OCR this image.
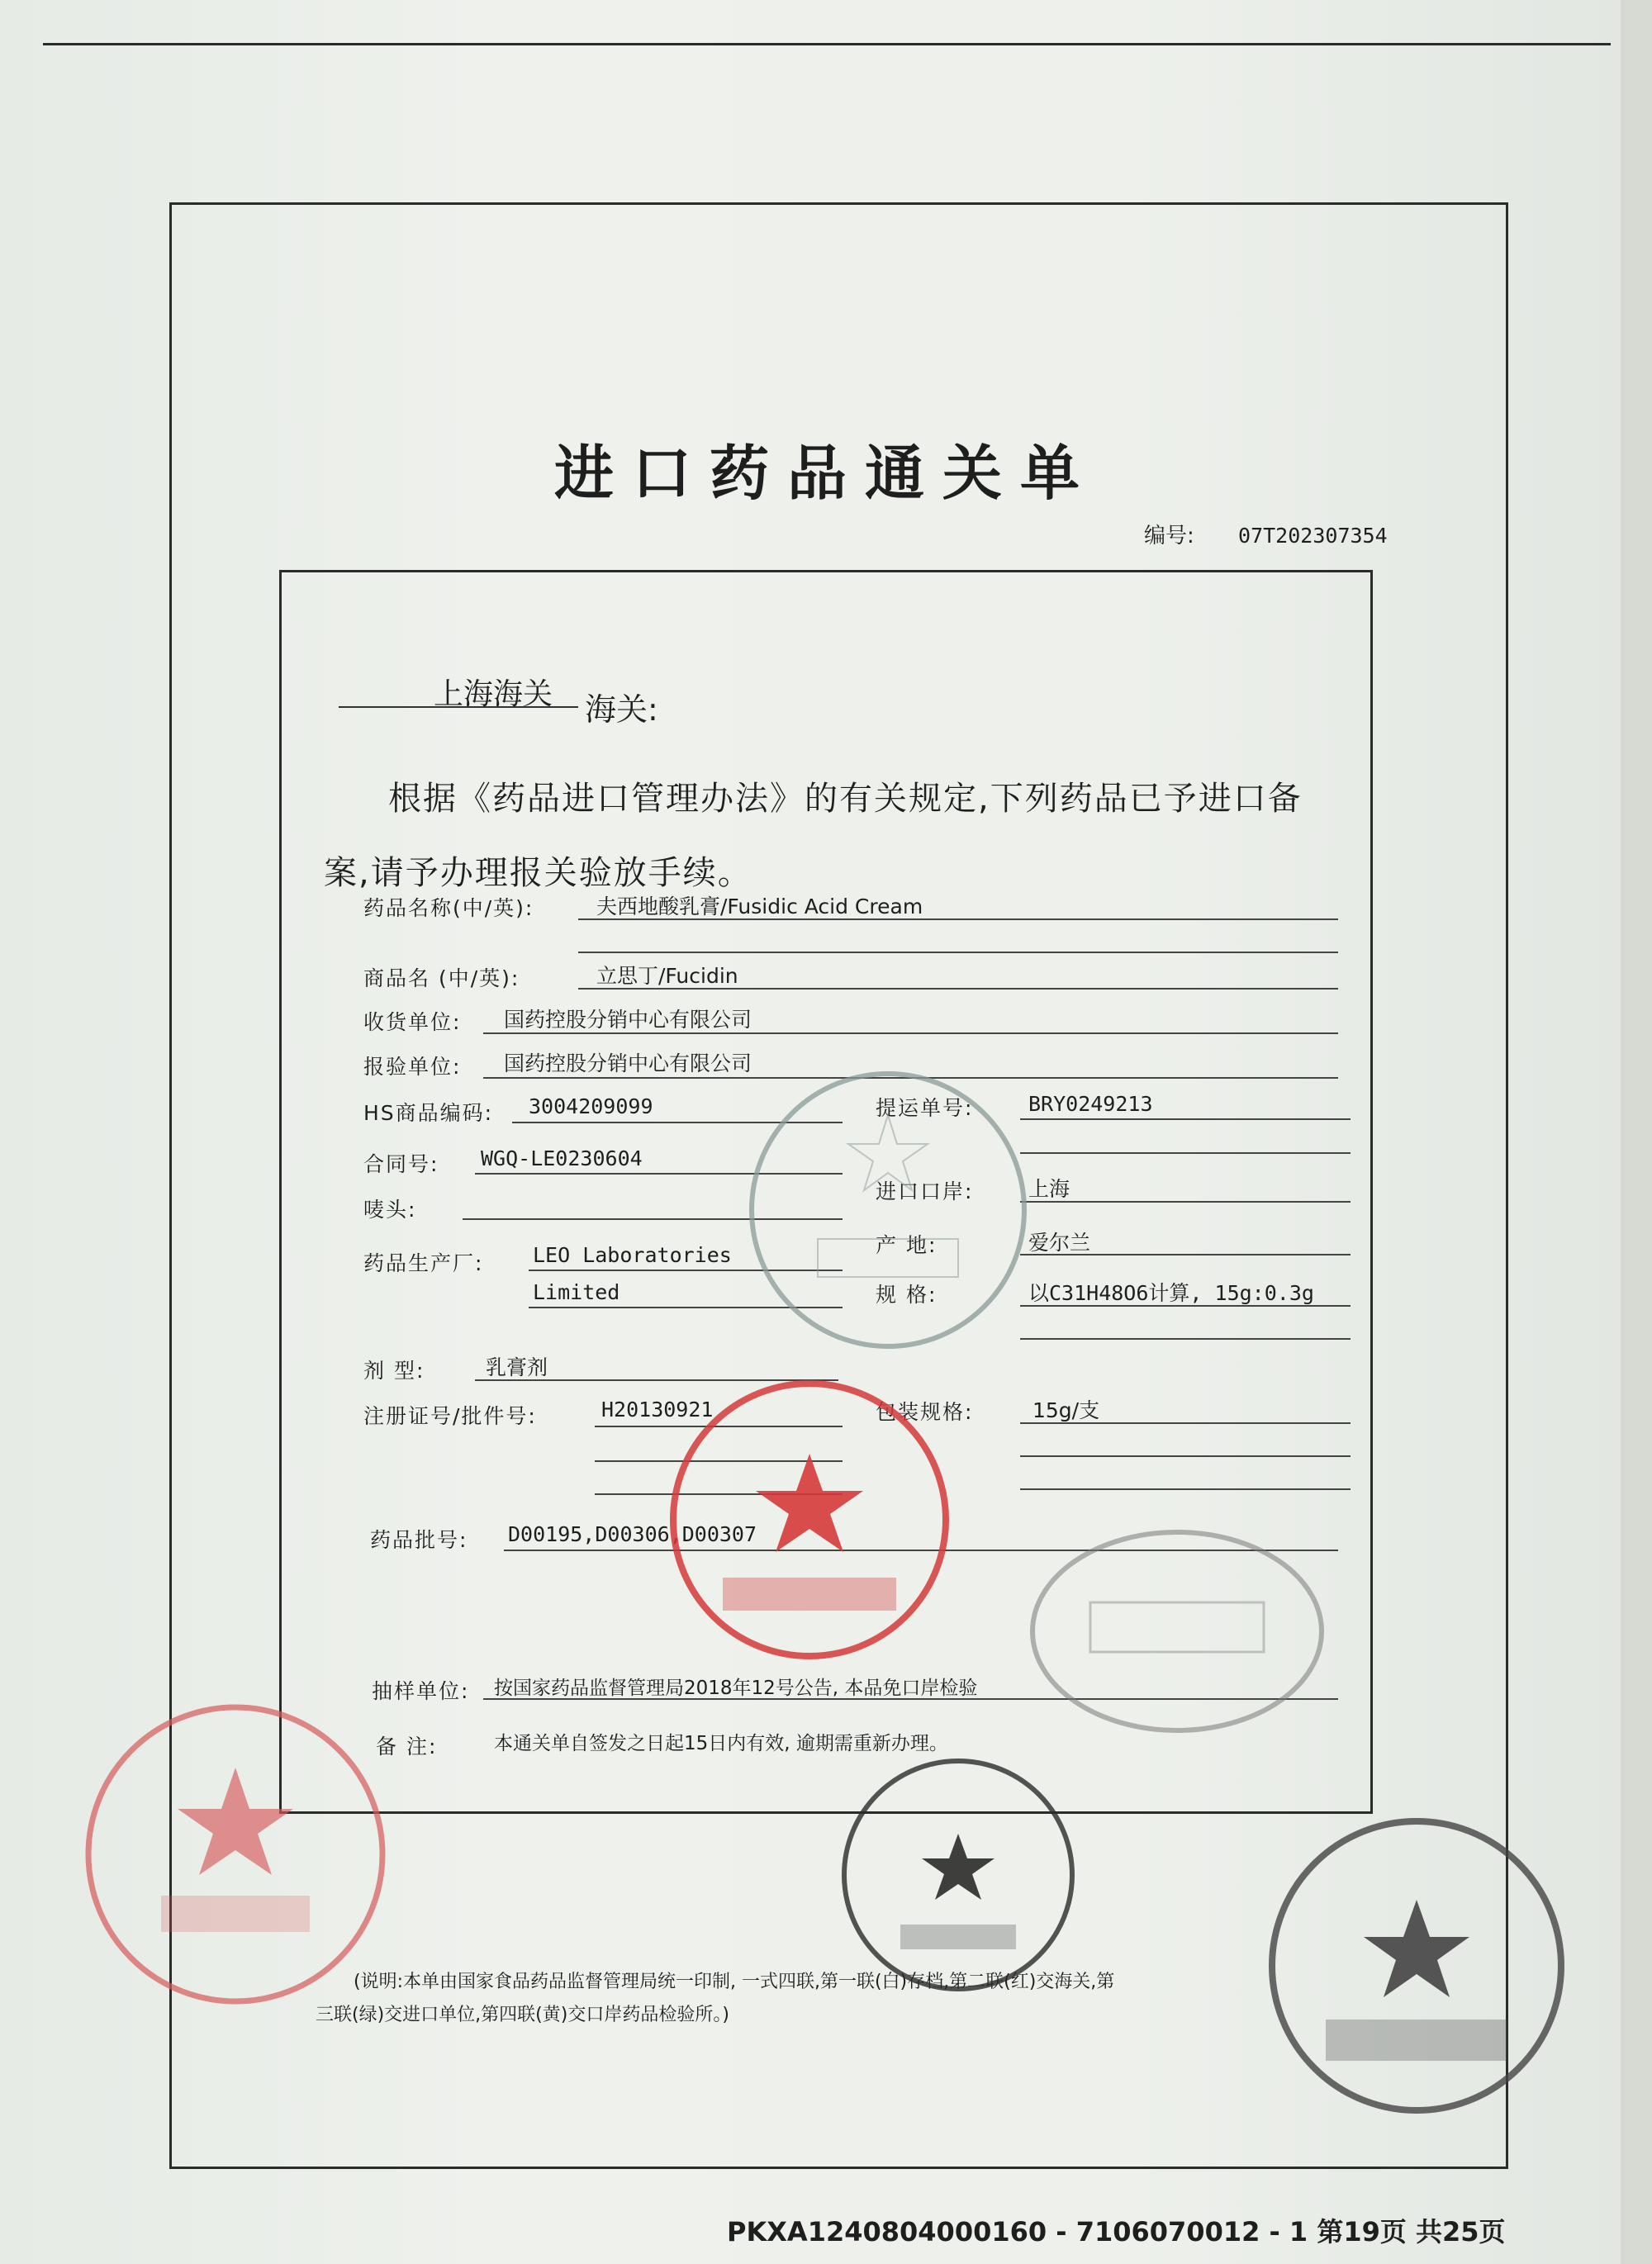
进口药品通关单
编号: 07T202307354
上海海关 海关:
根据《药品进口管理办法》的有关规定,下列药品已予进口备
案,请予办理报关验放手续。
药品名称(中/英):	夫西地酸乳膏/Fusidic Acid Cream
商品名 (中/英):	立思丁/Fucidin
收货单位: 国药控股分销中心有限公司
报验单位: 国药控股分销中心有限公司
HS商品编码: 3004209099	提运单号:	BRY0249213
合同号: WGQ-LE0230604
唛头:
进口口岸:	上海
药品生产厂: LEO Laboratories
Limited
产 地:	爱尔兰
规 格:	以C31H48O6计算, 15g:0.3g
剂 型:	乳膏剂
注册证号/批件号:	H20130921	包装规格:	15g/支
药品批号: D00195,D00306,D00307
抽样单位: 按国家药品监督管理局2018年12号公告, 本品免口岸检验
备 注:	本通关单自签发之日起15日内有效, 逾期需重新办理。
(说明:本单由国家食品药品监督管理局统一印制, 一式四联,第一联(白)存档,第二联(红)交海关,第
三联(绿)交进口单位,第四联(黄)交口岸药品检验所。)
PKXA1240804000160 - 7106070012 - 1 第19页 共25页
